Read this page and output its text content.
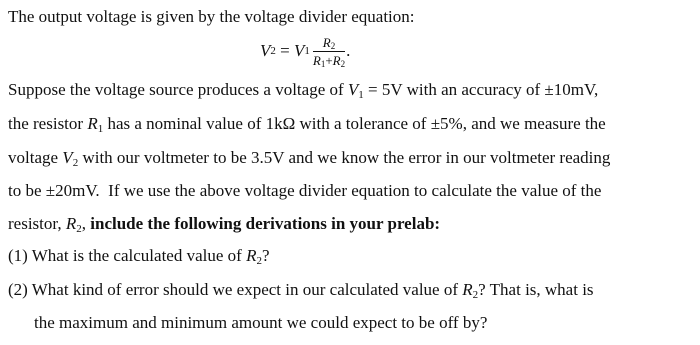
The output voltage is given by the voltage divider equation:
V 2 = V $1 \frac{R_2}{R_1+R_2}$ .
Suppose the voltage source produces a voltage of $V_1 = 5V$ with an accuracy of ±10mV,
the resistor $R_1$ has a nominal value of 1kΩ with a tolerance of ±5%, and we measure the
voltage $V_2$ with our voltmeter to be 3.5V and we know the error in our voltmeter reading
to be ±20mV.  If we use the above voltage divider equation to calculate the value of the
resistor, $R_2$, include the following derivations in your prelab:
(1) What is the calculated value of $R_2$?
(2) What kind of error should we expect in our calculated value of $R_2$? That is, what is
the maximum and minimum amount we could expect to be off by?
